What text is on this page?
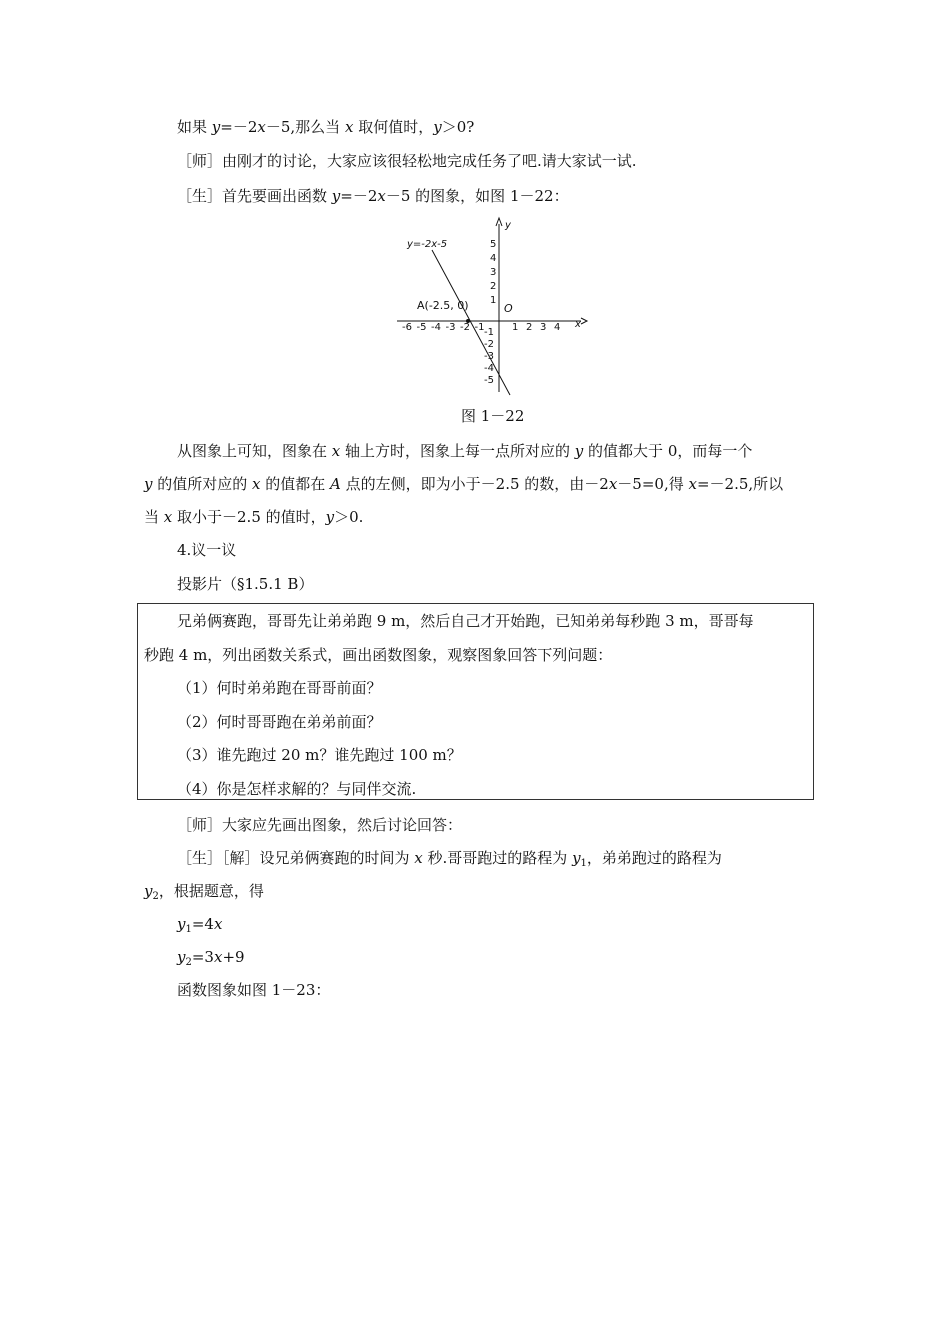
如果 y=－2x－5,那么当 x 取何值时，y＞0?
［师］由刚才的讨论，大家应该很轻松地完成任务了吧.请大家试一试.
［生］首先要画出函数 y=－2x－5 的图象，如图 1－22：
y=-2x-5
A(-2.5, 0)	O
x
y
-6 -5 -4 -3 -2 -1	1 2 3 4
5
4
3
2
1
-1
-2
-3
-4
-5
图 1－22
从图象上可知，图象在 x 轴上方时，图象上每一点所对应的 y 的值都大于 0，而每一个
y 的值所对应的 x 的值都在 A 点的左侧，即为小于－2.5 的数，由－2x－5=0,得 x=－2.5,所以
当 x 取小于－2.5 的值时，y＞0.
4.议一议
投影片（§1.5.1 B）
兄弟俩赛跑，哥哥先让弟弟跑 9 m，然后自己才开始跑，已知弟弟每秒跑 3 m，哥哥每
秒跑 4 m，列出函数关系式，画出函数图象，观察图象回答下列问题：
（1）何时弟弟跑在哥哥前面？
（2）何时哥哥跑在弟弟前面？
（3）谁先跑过 20 m？谁先跑过 100 m？
（4）你是怎样求解的？与同伴交流.
［师］大家应先画出图象，然后讨论回答：
［生］［解］设兄弟俩赛跑的时间为 x 秒.哥哥跑过的路程为 $y_1$，弟弟跑过的路程为
$y_2$，根据题意，得
$y_1=4x$
$y_2=3x+9$
函数图象如图 1－23：
